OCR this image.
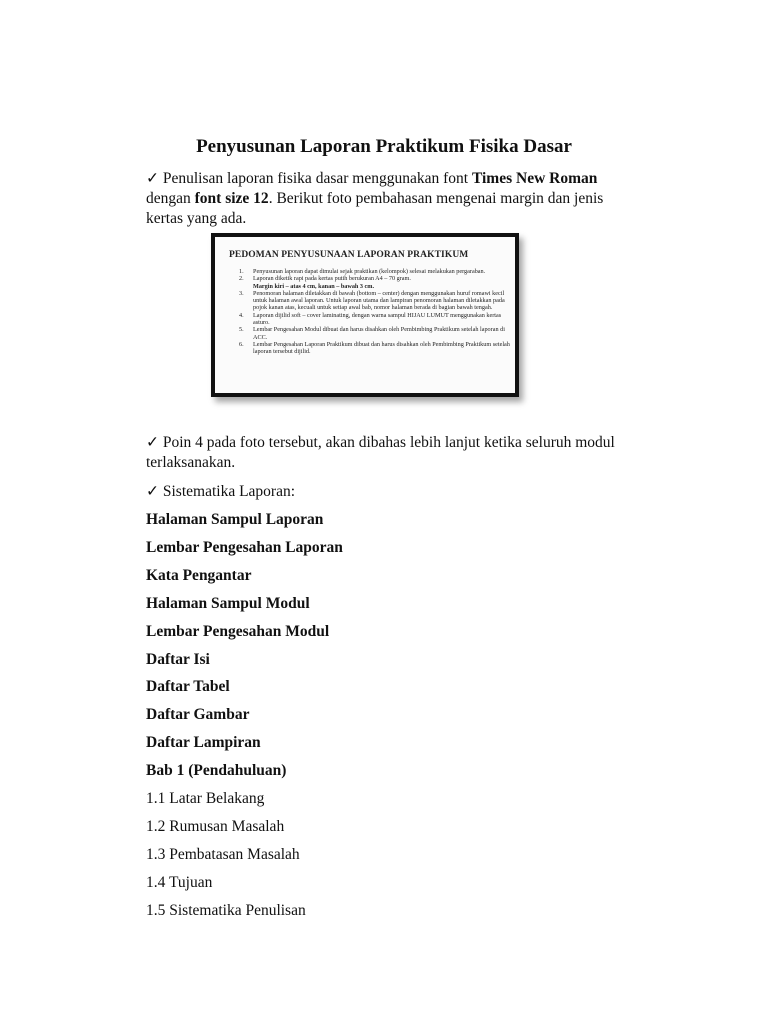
Penyusunan Laporan Praktikum Fisika Dasar

✓ Penulisan laporan fisika dasar menggunakan font Times New Roman dengan font size 12. Berikut foto pembahasan mengenai margin dan jenis kertas yang ada.

PEDOMAN PENYUSUNAAN LAPORAN PRAKTIKUM
1. Penyusunan laporan dapat dimulai sejak praktikan (kelompok) selesai melakukan pergaraban.
2. Laporan diketik rapi pada kertas putih berukuran A4 – 70 gram.
Margin kiri – atas 4 cm, kanan – bawah 3 cm.
3. Penomoran halaman diletakkan di bawah (bottom – center) dengan menggunakan huruf romawi kecil untuk halaman awal laporan. Untuk laporan utama dan lampiran penomoran halaman diletakkan pada pojok kanan atas, kecuali untuk setiap awal bab, nomor halaman berada di bagian bawah tengah.
4. Laporan dijilid soft – cover laminating, dengan warna sampul HIJAU LUMUT menggunakan kertas asturo.
5. Lembar Pengesahan Modul dibuat dan harus disahkan oleh Pembimbing Praktikum setelah laporan di ACC.
6. Lembar Pengesahan Laporan Praktikum dibuat dan harus disahkan oleh Pembimbing Praktikum setelah laporan tersebut dijilid.

✓ Poin 4 pada foto tersebut, akan dibahas lebih lanjut ketika seluruh modul terlaksanakan.

✓ Sistematika Laporan:

Halaman Sampul Laporan

Lembar Pengesahan Laporan

Kata Pengantar

Halaman Sampul Modul

Lembar Pengesahan Modul

Daftar Isi

Daftar Tabel

Daftar Gambar

Daftar Lampiran

Bab 1 (Pendahuluan)

1.1 Latar Belakang

1.2 Rumusan Masalah

1.3 Pembatasan Masalah

1.4 Tujuan

1.5 Sistematika Penulisan
